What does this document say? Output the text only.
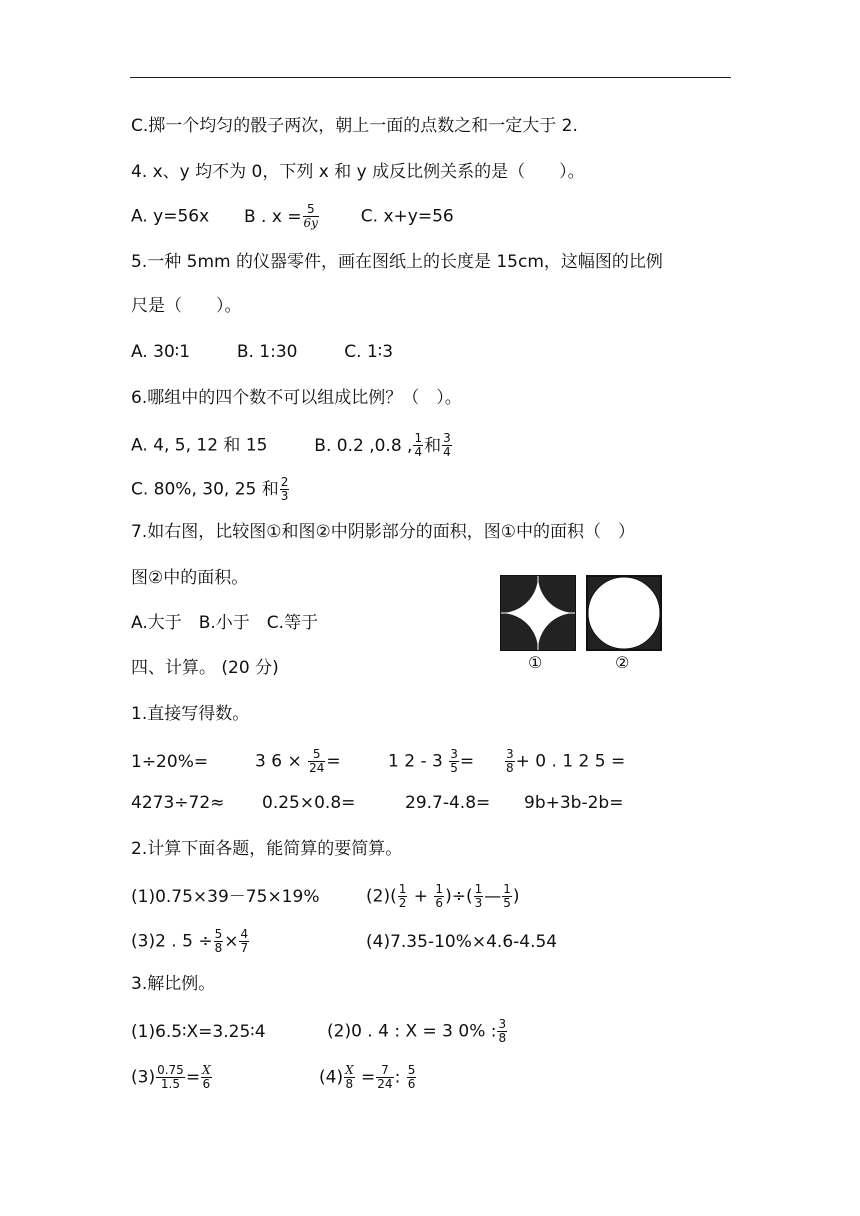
C.掷一个均匀的骰子两次，朝上一面的点数之和一定大于 2.
4. x、y 均不为 0，下列 x 和 y 成反比例关系的是（　　）。
A. y=56x B . $x = \frac{5}{6y} C$. x+y=56
5.一种 5mm 的仪器零件，画在图纸上的长度是 15cm，这幅图的比例
尺是（　　）。
A. 30∶1	B. 1:30	C. 1∶3
6.哪组中的四个数不可以组成比例？（　）。
A. 4, 5, 12 和 15	B. 0.2 ,0.8 , $\frac{1}{4}$ 和 $\frac{3}{4}$
C. 80%, 30, 25 和 $\frac{2}{3}$
7.如右图，比较图①和图②中阴影部分的面积，图①中的面积（　）
图②中的面积。
A.大于　B.小于　C.等于
①	②
四、计算。 (20 分)
1.直接写得数。
1÷20%=	3 $6 \times \frac{5}{24}$ =	1 $2 - 3 \frac{3}{5}$ =	$\frac{3}{8} + 0$ . 1 2 5 =
4273÷72≈ 0.25×0.8=	29.7-4.8= 9b+3b-2b=
2.计算下面各题，能简算的要简算。
(1)0.75×39－75×19%	$(2)( \frac{1}{2} + \frac{1}{6}$ )÷( $\frac{1}{3}$ — $\frac{1}{5}$ )
(3)2 . $5 \div \frac{5}{8} \times \frac{4}{7}$	(4)7.35-10%×4.6-4.54
3.解比例。
(1)6.5∶X=3.25∶4	(2)0 . 4 : X = 3 0% : $\frac{3}{8}$
$(3) \frac{0.75}{1.5} = \frac{X}{6}$	$(4) \frac{X}{8} = \frac{7}{24}$ : $\frac{5}{6}$
